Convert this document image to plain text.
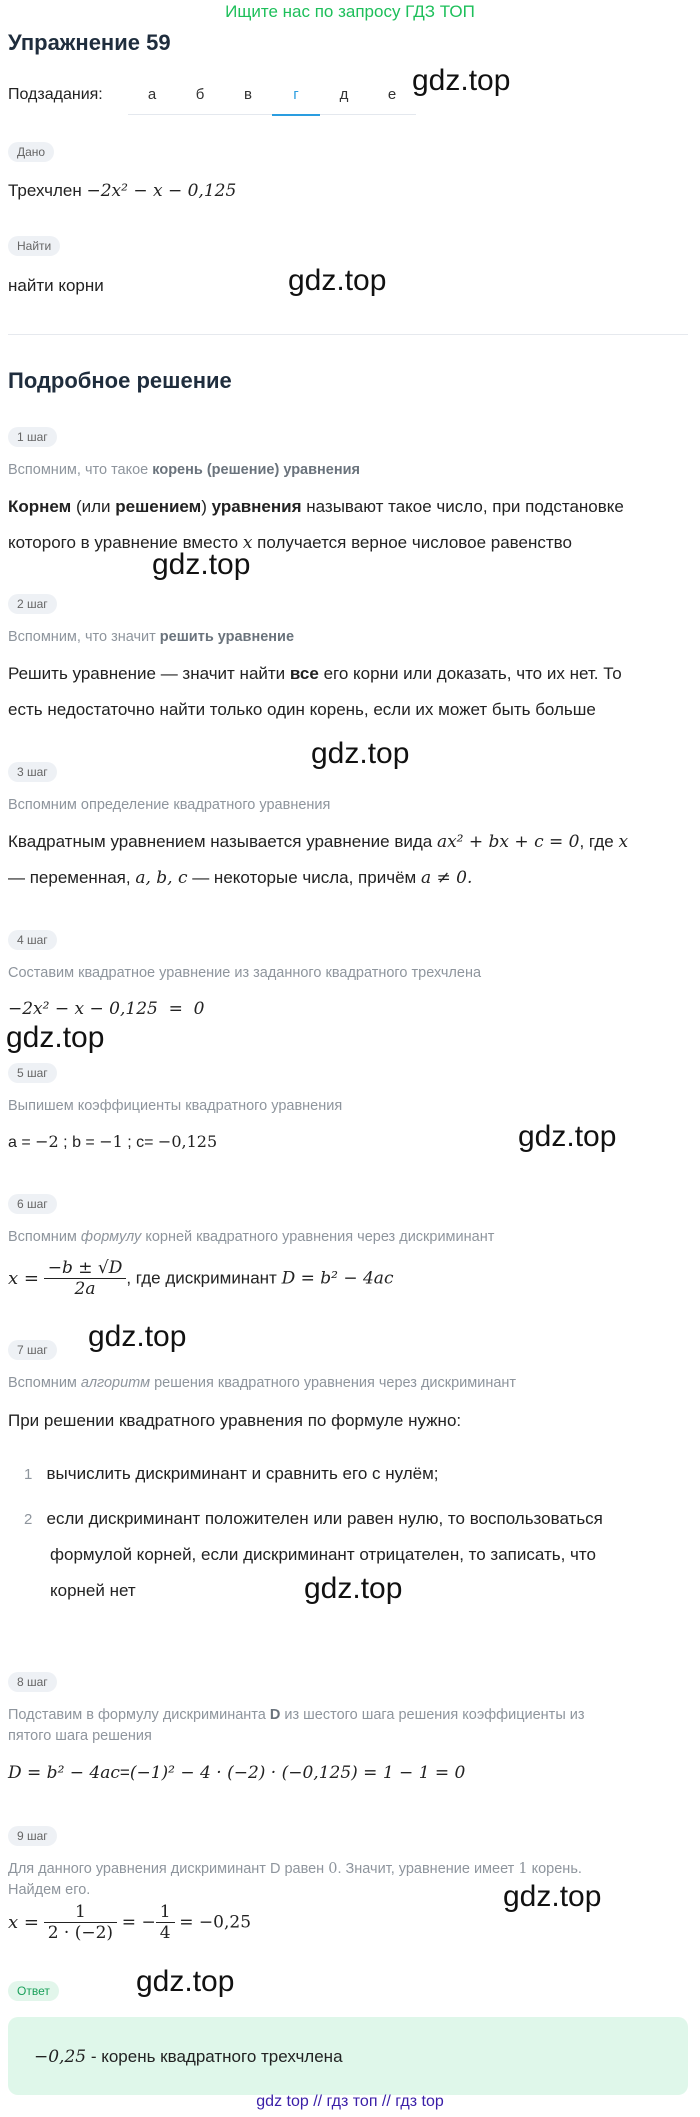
Ищите нас по запросу ГДЗ ТОП
Упражнение 59
Подзадания:	а	б	в	г	д	е gdz.top
gdz.top
gdz.top
gdz.top
gdz.top
gdz.top
gdz.top
gdz.top
gdz.top
gdz.top
Дано
Трехчлен −2x² − x − 0,125
Найти
найти корни
Подробное решение
1 шаг
Вспомним, что такое корень (решение) уравнения
Корнем (или решением) уравнения называют такое число, при подстановке
которого в уравнение вместо x получается верное числовое равенство
2 шаг
Вспомним, что значит решить уравнение
Решить уравнение — значит найти все его корни или доказать, что их нет. То
есть недостаточно найти только один корень, если их может быть больше
3 шаг
Вспомним определение квадратного уравнения
Квадратным уравнением называется уравнение вида ax² + bx + c = 0, где x
— переменная, a, b, c — некоторые числа, причём a ≠ 0.
4 шаг
Составим квадратное уравнение из заданного квадратного трехчлена
−2x² − x − 0,125  =  0
5 шаг
Выпишем коэффициенты квадратного уравнения
a = −2 ; b = −1 ; c= −0,125
6 шаг
Вспомним формулу корней квадратного уравнения через дискриминант
$x = \frac{-b \pm √D}{2a}$ , где дискриминант D = b² − 4ac
7 шаг
Вспомним алгоритм решения квадратного уравнения через дискриминант
При решении квадратного уравнения по формуле нужно:
1 вычислить дискриминант и сравнить его с нулём;
2 если дискриминант положителен или равен нулю, то воспользоваться
формулой корней, если дискриминант отрицателен, то записать, что
корней нет
8 шаг
Подставим в формулу дискриминанта D из шестого шага решения коэффициенты из
пятого шага решения
D = b² − 4ac=(−1)² − 4 · (−2) · (−0,125) = 1 − 1 = 0
9 шаг
Для данного уравнения дискриминант D равен 0. Значит, уравнение имеет 1 корень.
Найдем его.
$x = \frac{1}{2 \cdot (-2)}$ = − $\frac{1}{4} = -0,25$
Ответ
−0,25 - корень квадратного трехчлена
gdz top // гдз топ // гдз top
